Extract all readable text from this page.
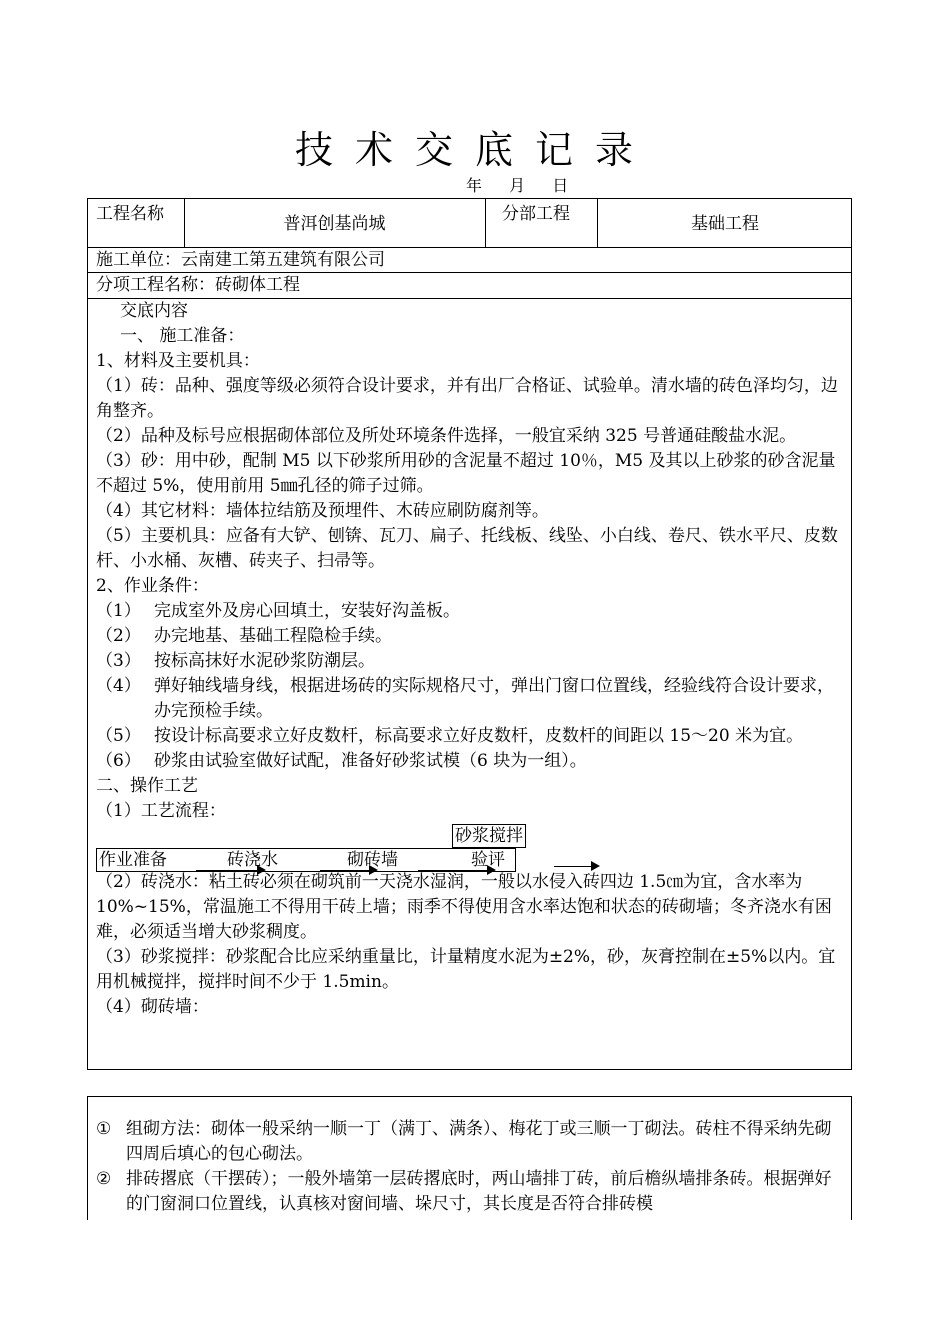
技术交底记录
年 月 日
工程名称	普洱创基尚城	分部工程	基础工程
施工单位：云南建工第五建筑有限公司
分项工程名称：砖砌体工程

交底内容

一、 施工准备：

1、材料及主要机具：

（1）砖：品种、强度等级必须符合设计要求，并有出厂合格证、试验单。清水墙的砖色泽均匀，边角整齐。

（2）品种及标号应根据砌体部位及所处环境条件选择，一般宜采纳 325 号普通硅酸盐水泥。

（3）砂：用中砂，配制 M5 以下砂浆所用砂的含泥量不超过 10％，M5 及其以上砂浆的砂含泥量不超过 5%，使用前用 5㎜孔径的筛子过筛。

（4）其它材料：墙体拉结筋及预埋件、木砖应刷防腐剂等。

（5）主要机具：应备有大铲、刨锛、瓦刀、扁子、托线板、线坠、小白线、卷尺、铁水平尺、皮数杆、小水桶、灰槽、砖夹子、扫帚等。

2、作业条件：

（1） 完成室外及房心回填土，安装好沟盖板。
（2） 办完地基、基础工程隐检手续。
（3） 按标高抹好水泥砂浆防潮层。
（4） 弹好轴线墙身线，根据进场砖的实际规格尺寸，弹出门窗口位置线，经验线符合设计要求，办完预检手续。
（5） 按设计标高要求立好皮数杆，标高要求立好皮数杆，皮数杆的间距以 15～20 米为宜。
（6） 砂浆由试验室做好试配，准备好砂浆试模（6 块为一组）。

二、操作工艺

（1）工艺流程：

砂浆搅拌
作业准备	砖浇水	砌砖墙	验评

（2）砖浇水：粘土砖必须在砌筑前一天浇水湿润，一般以水侵入砖四边 1.5㎝为宜，含水率为 10%~15%，常温施工不得用干砖上墙；雨季不得使用含水率达饱和状态的砖砌墙；冬齐浇水有困难，必须适当增大砂浆稠度。

（3）砂浆搅拌：砂浆配合比应采纳重量比，计量精度水泥为±2%，砂，灰膏控制在±5%以内。宜用机械搅拌，搅拌时间不少于 1.5min。

（4）砌砖墙：

① 组砌方法：砌体一般采纳一顺一丁（满丁、满条）、梅花丁或三顺一丁砌法。砖柱不得采纳先砌四周后填心的包心砌法。
② 排砖撂底（干摆砖）；一般外墙第一层砖撂底时，两山墙排丁砖，前后檐纵墙排条砖。根据弹好的门窗洞口位置线，认真核对窗间墙、垛尺寸，其长度是否符合排砖模
